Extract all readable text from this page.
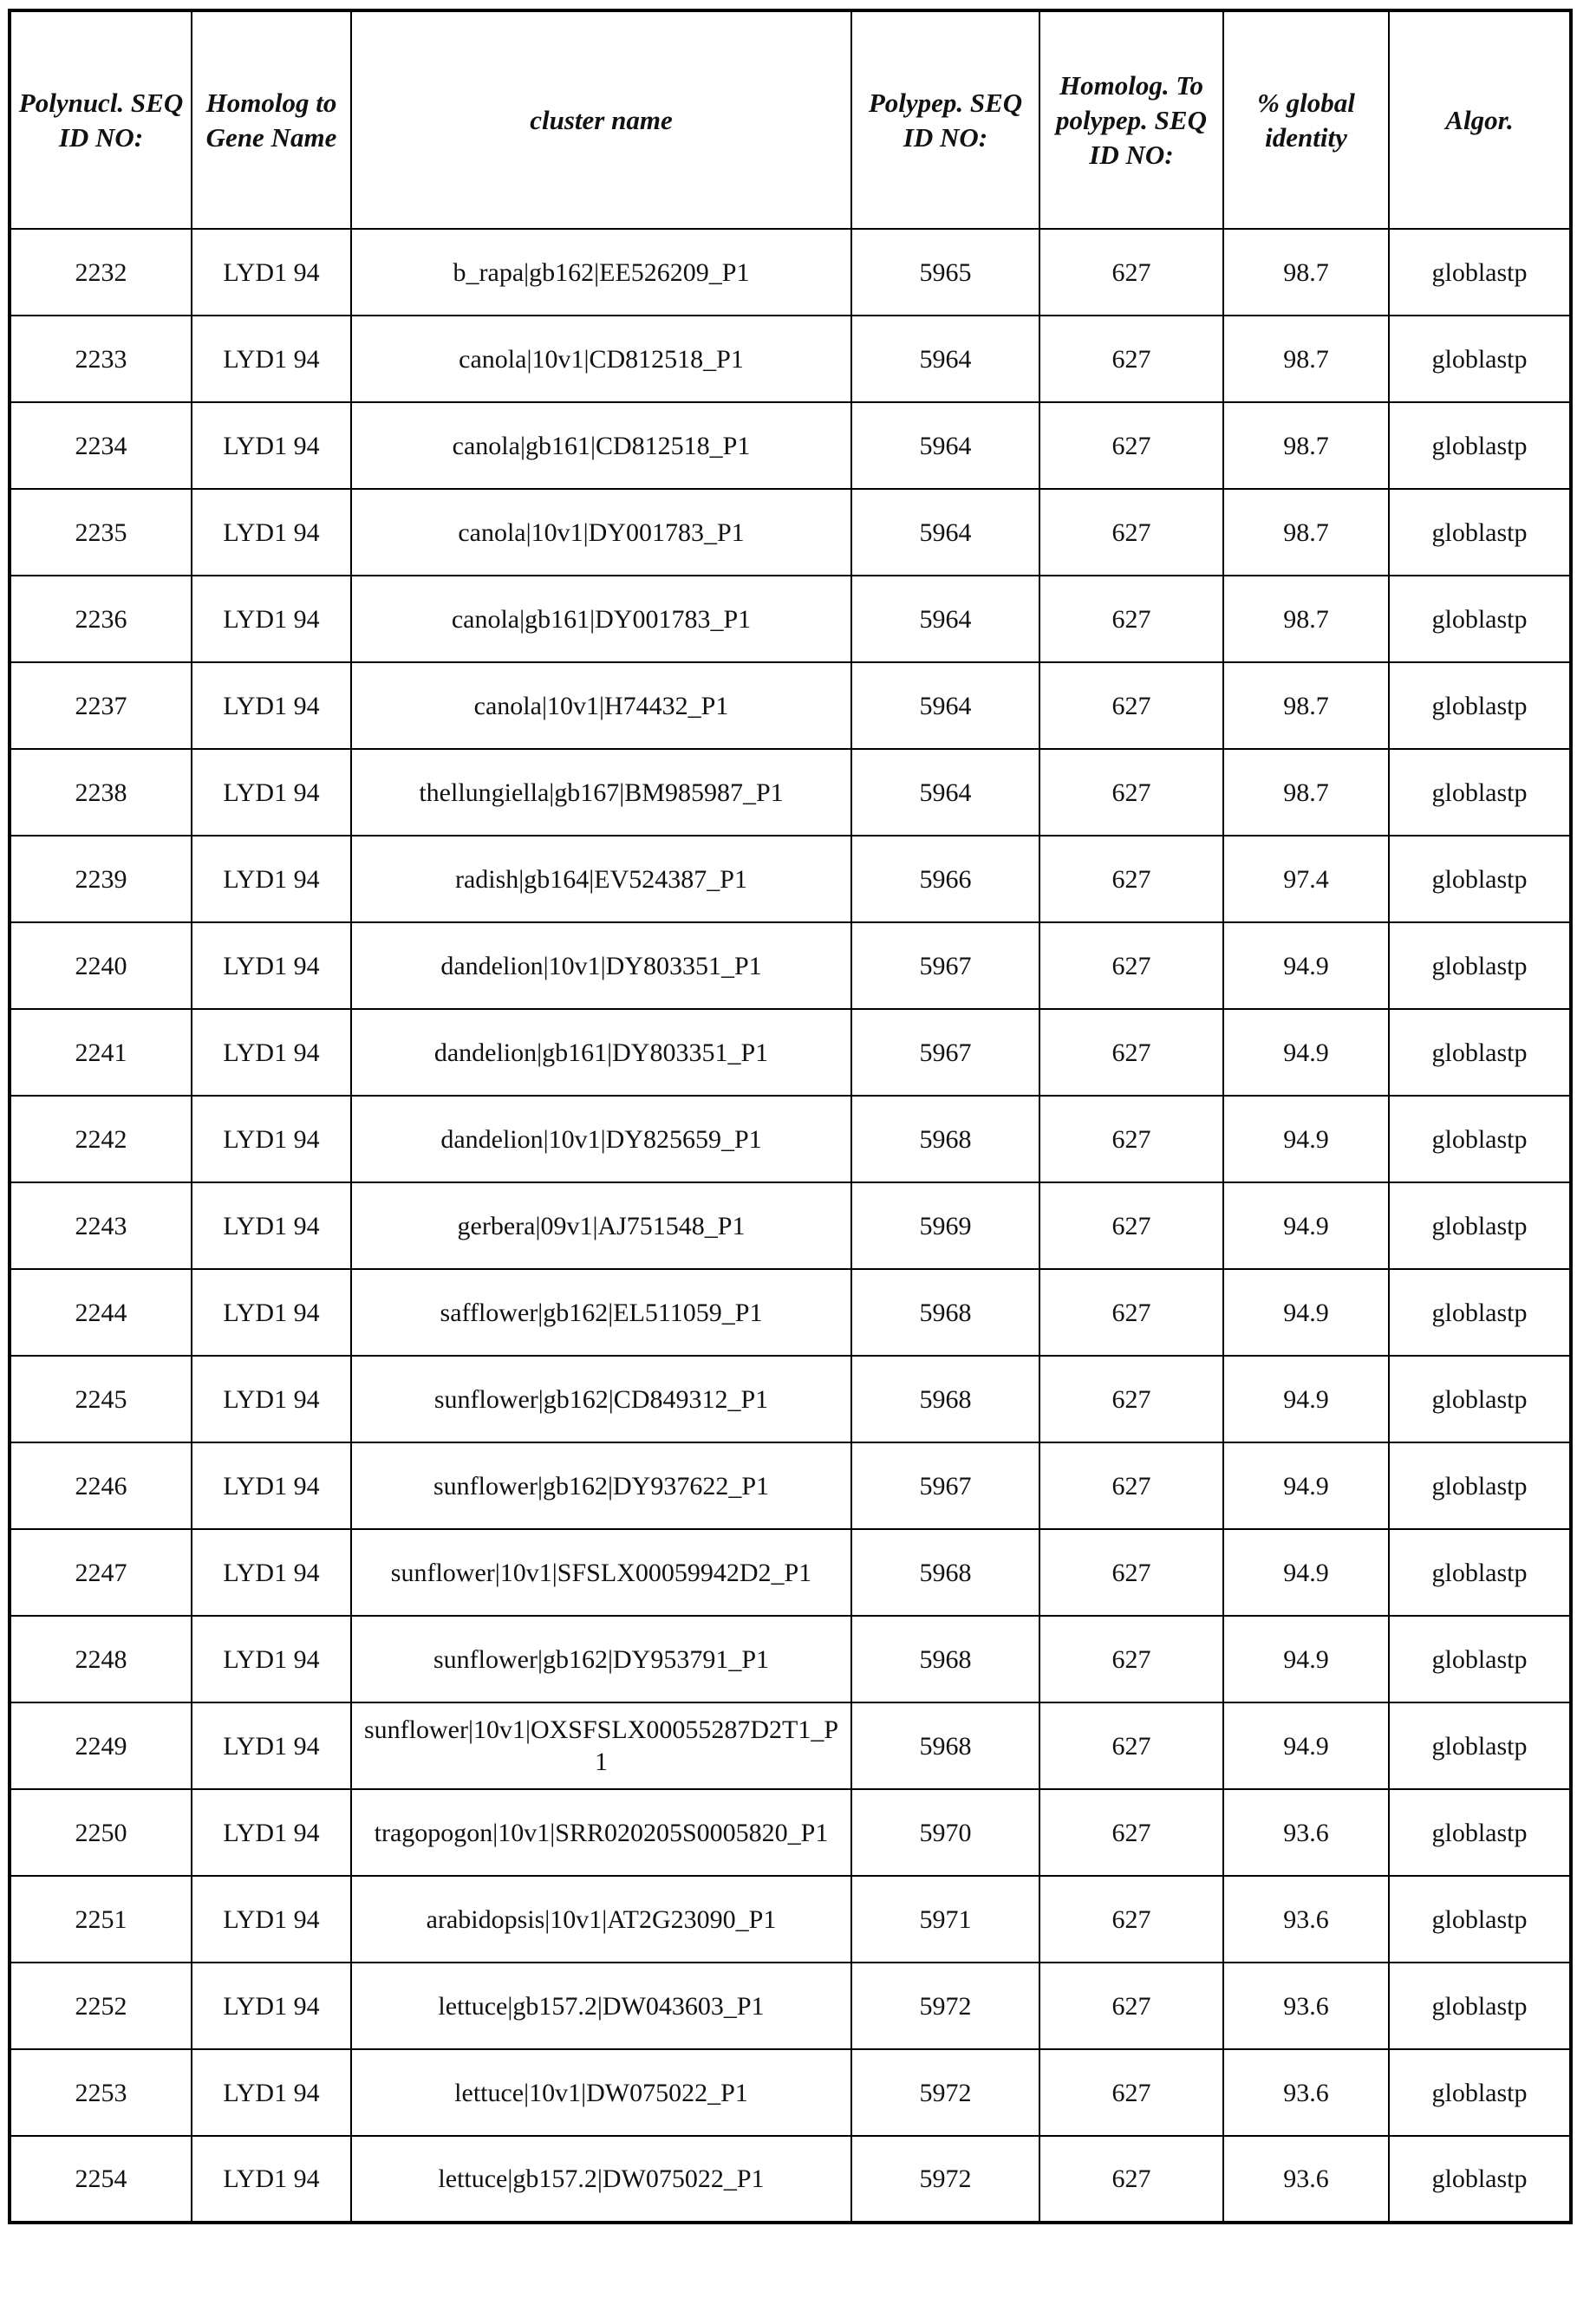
Polynucl. SEQ ID NO:	Homolog to Gene Name	cluster name	Polypep. SEQ ID NO:	Homolog. To polypep. SEQ ID NO:	% global identity	Algor.
2232	LYD1 94	b_rapa|gb162|EE526209_P1	5965	627	98.7	globlastp
2233	LYD1 94	canola|10v1|CD812518_P1	5964	627	98.7	globlastp
2234	LYD1 94	canola|gb161|CD812518_P1	5964	627	98.7	globlastp
2235	LYD1 94	canola|10v1|DY001783_P1	5964	627	98.7	globlastp
2236	LYD1 94	canola|gb161|DY001783_P1	5964	627	98.7	globlastp
2237	LYD1 94	canola|10v1|H74432_P1	5964	627	98.7	globlastp
2238	LYD1 94	thellungiella|gb167|BM985987_P1	5964	627	98.7	globlastp
2239	LYD1 94	radish|gb164|EV524387_P1	5966	627	97.4	globlastp
2240	LYD1 94	dandelion|10v1|DY803351_P1	5967	627	94.9	globlastp
2241	LYD1 94	dandelion|gb161|DY803351_P1	5967	627	94.9	globlastp
2242	LYD1 94	dandelion|10v1|DY825659_P1	5968	627	94.9	globlastp
2243	LYD1 94	gerbera|09v1|AJ751548_P1	5969	627	94.9	globlastp
2244	LYD1 94	safflower|gb162|EL511059_P1	5968	627	94.9	globlastp
2245	LYD1 94	sunflower|gb162|CD849312_P1	5968	627	94.9	globlastp
2246	LYD1 94	sunflower|gb162|DY937622_P1	5967	627	94.9	globlastp
2247	LYD1 94	sunflower|10v1|SFSLX00059942D2_P1	5968	627	94.9	globlastp
2248	LYD1 94	sunflower|gb162|DY953791_P1	5968	627	94.9	globlastp
2249	LYD1 94	sunflower|10v1|OXSFSLX00055287D2T1_P1	5968	627	94.9	globlastp
2250	LYD1 94	tragopogon|10v1|SRR020205S0005820_P1	5970	627	93.6	globlastp
2251	LYD1 94	arabidopsis|10v1|AT2G23090_P1	5971	627	93.6	globlastp
2252	LYD1 94	lettuce|gb157.2|DW043603_P1	5972	627	93.6	globlastp
2253	LYD1 94	lettuce|10v1|DW075022_P1	5972	627	93.6	globlastp
2254	LYD1 94	lettuce|gb157.2|DW075022_P1	5972	627	93.6	globlastp
